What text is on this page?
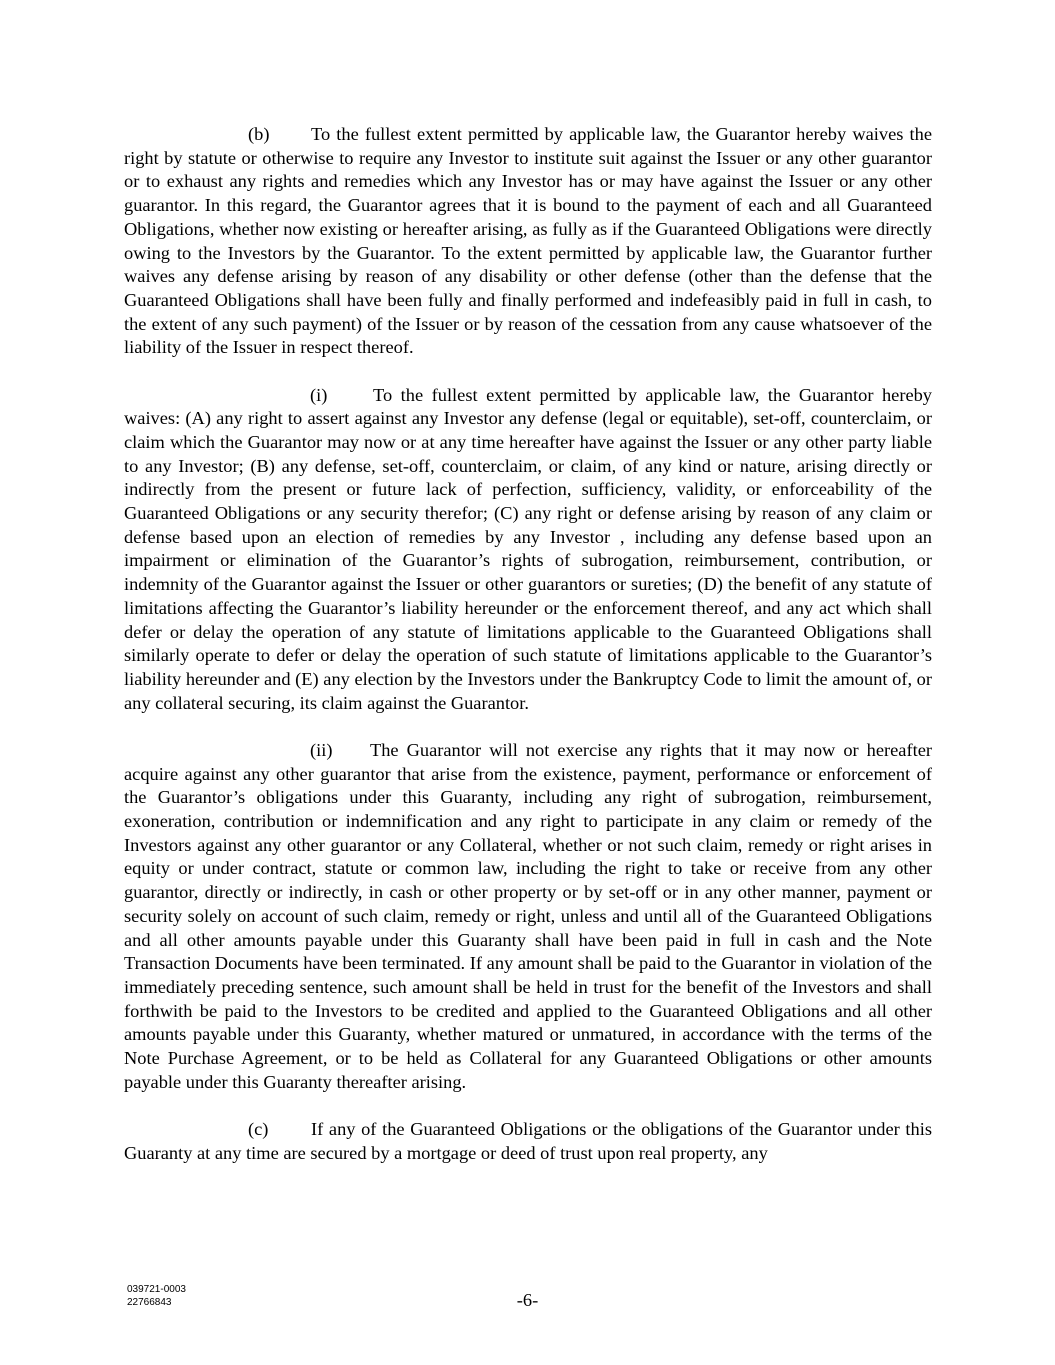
(b) To the fullest extent permitted by applicable law, the Guarantor hereby waives the right by statute or otherwise to require any Investor to institute suit against the Issuer or any other guarantor or to exhaust any rights and remedies which any Investor has or may have against the Issuer or any other guarantor. In this regard, the Guarantor agrees that it is bound to the payment of each and all Guaranteed Obligations, whether now existing or hereafter arising, as fully as if the Guaranteed Obligations were directly owing to the Investors by the Guarantor. To the extent permitted by applicable law, the Guarantor further waives any defense arising by reason of any disability or other defense (other than the defense that the Guaranteed Obligations shall have been fully and finally performed and indefeasibly paid in full in cash, to the extent of any such payment) of the Issuer or by reason of the cessation from any cause whatsoever of the liability of the Issuer in respect thereof.

(i) To the fullest extent permitted by applicable law, the Guarantor hereby waives: (A) any right to assert against any Investor any defense (legal or equitable), set-off, counterclaim, or claim which the Guarantor may now or at any time hereafter have against the Issuer or any other party liable to any Investor; (B) any defense, set-off, counterclaim, or claim, of any kind or nature, arising directly or indirectly from the present or future lack of perfection, sufficiency, validity, or enforceability of the Guaranteed Obligations or any security therefor; (C) any right or defense arising by reason of any claim or defense based upon an election of remedies by any Investor , including any defense based upon an impairment or elimination of the Guarantor’s rights of subrogation, reimbursement, contribution, or indemnity of the Guarantor against the Issuer or other guarantors or sureties; (D) the benefit of any statute of limitations affecting the Guarantor’s liability hereunder or the enforcement thereof, and any act which shall defer or delay the operation of any statute of limitations applicable to the Guaranteed Obligations shall similarly operate to defer or delay the operation of such statute of limitations applicable to the Guarantor’s liability hereunder and (E) any election by the Investors under the Bankruptcy Code to limit the amount of, or any collateral securing, its claim against the Guarantor.

(ii) The Guarantor will not exercise any rights that it may now or hereafter acquire against any other guarantor that arise from the existence, payment, performance or enforcement of the Guarantor’s obligations under this Guaranty, including any right of subrogation, reimbursement, exoneration, contribution or indemnification and any right to participate in any claim or remedy of the Investors against any other guarantor or any Collateral, whether or not such claim, remedy or right arises in equity or under contract, statute or common law, including the right to take or receive from any other guarantor, directly or indirectly, in cash or other property or by set-off or in any other manner, payment or security solely on account of such claim, remedy or right, unless and until all of the Guaranteed Obligations and all other amounts payable under this Guaranty shall have been paid in full in cash and the Note Transaction Documents have been terminated. If any amount shall be paid to the Guarantor in violation of the immediately preceding sentence, such amount shall be held in trust for the benefit of the Investors and shall forthwith be paid to the Investors to be credited and applied to the Guaranteed Obligations and all other amounts payable under this Guaranty, whether matured or unmatured, in accordance with the terms of the Note Purchase Agreement, or to be held as Collateral for any Guaranteed Obligations or other amounts payable under this Guaranty thereafter arising.

(c) If any of the Guaranteed Obligations or the obligations of the Guarantor under this Guaranty at any time are secured by a mortgage or deed of trust upon real property, any

039721-0003
22766843	-6-
